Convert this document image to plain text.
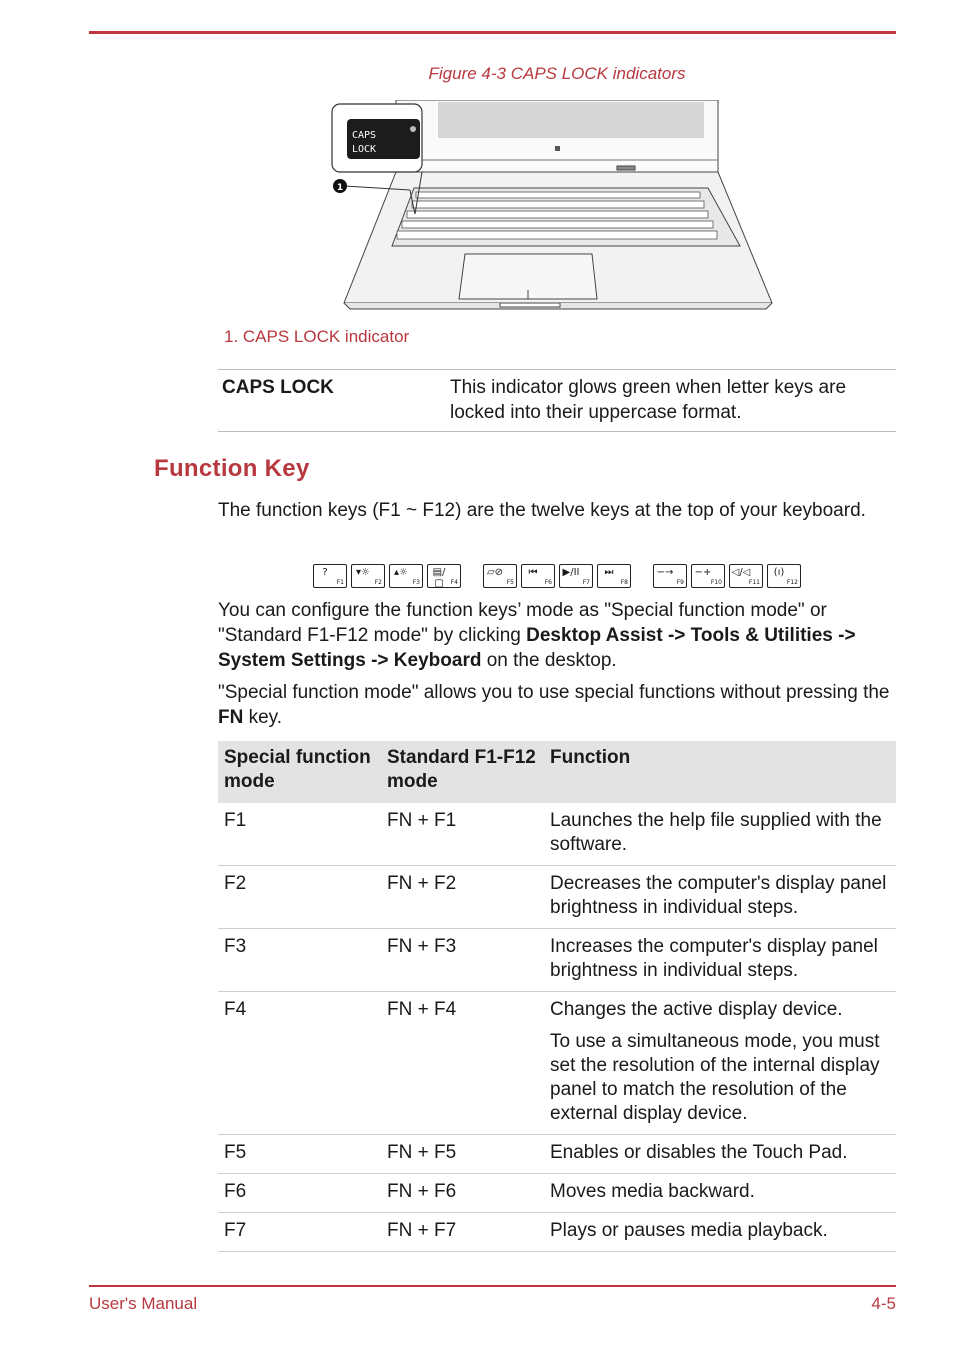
Figure 4-3 CAPS LOCK indicators
CAPS
LOCK
1
1. CAPS LOCK indicator
CAPS LOCK	This indicator glows green when letter keys are locked into their uppercase format.
Function Key
The function keys (F1 ~ F12) are the twelve keys at the top of your keyboard.
?
F1
▾☼
F2
▴☼
F3
▤/▢	F4
▱⊘
F5
⏮
F6
▶/II
F7
⏭
F8
−→
F9
−+
F10
◁/◁
F11
(ı)
F12
You can configure the function keys’ mode as "Special function mode" or "Standard F1-F12 mode" by clicking Desktop Assist -> Tools & Utilities -> System Settings -> Keyboard on the desktop.
"Special function mode" allows you to use special functions without pressing the FN key.
Special function mode	Standard F1-F12 mode	Function
F1	FN + F1	Launches the help file supplied with the software.

F2	FN + F2	Decreases the computer's display panel brightness in individual steps.

F3	FN + F3	Increases the computer's display panel brightness in individual steps.

F4	FN + F4	Changes the active display device.
To use a simultaneous mode, you must set the resolution of the internal display panel to match the resolution of the external display device.

F5	FN + F5	Enables or disables the Touch Pad.

F6	FN + F6	Moves media backward.

F7	FN + F7	Plays or pauses media playback.
User's Manual	4-5
